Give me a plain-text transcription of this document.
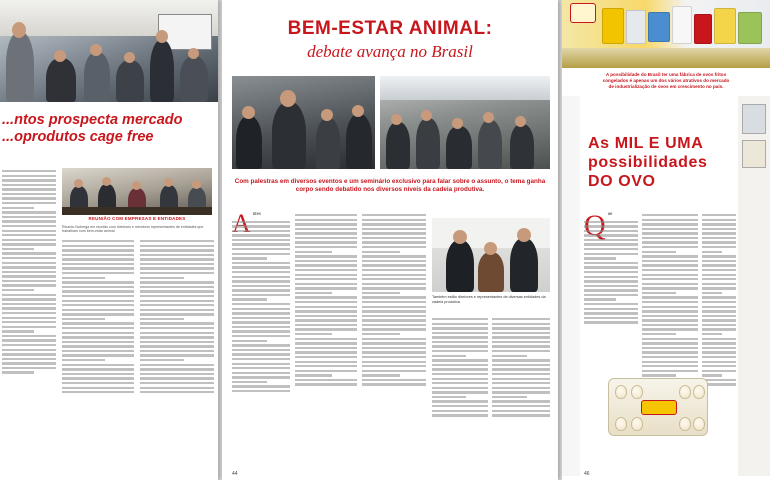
...ntos prospecta mercado
...oprodutos cage free
REUNIÃO COM EMPRESAS E ENTIDADES
Ricardo Nobrega em reunião com diretores e membros representantes de entidades que trabalham com bem-estar animal
BEM-ESTAR ANIMAL:
debate avança no Brasil
Com palestras em diversos eventos e um seminário exclusivo para falar sobre o assunto, o tema ganha corpo sendo debatido nos diversos níveis da cadeia produtiva.
ntes
Também estão diretores e representantes de diversas entidades da cadeia produtiva
44
A possibilidade do Brasil ter uma fábrica de ovos fritos congelados é apenas um dos vários atrativos do mercado de industrialização de ovos em crescimento no país.
As MIL E UMA
possibilidades
DO OVO
ue
46
